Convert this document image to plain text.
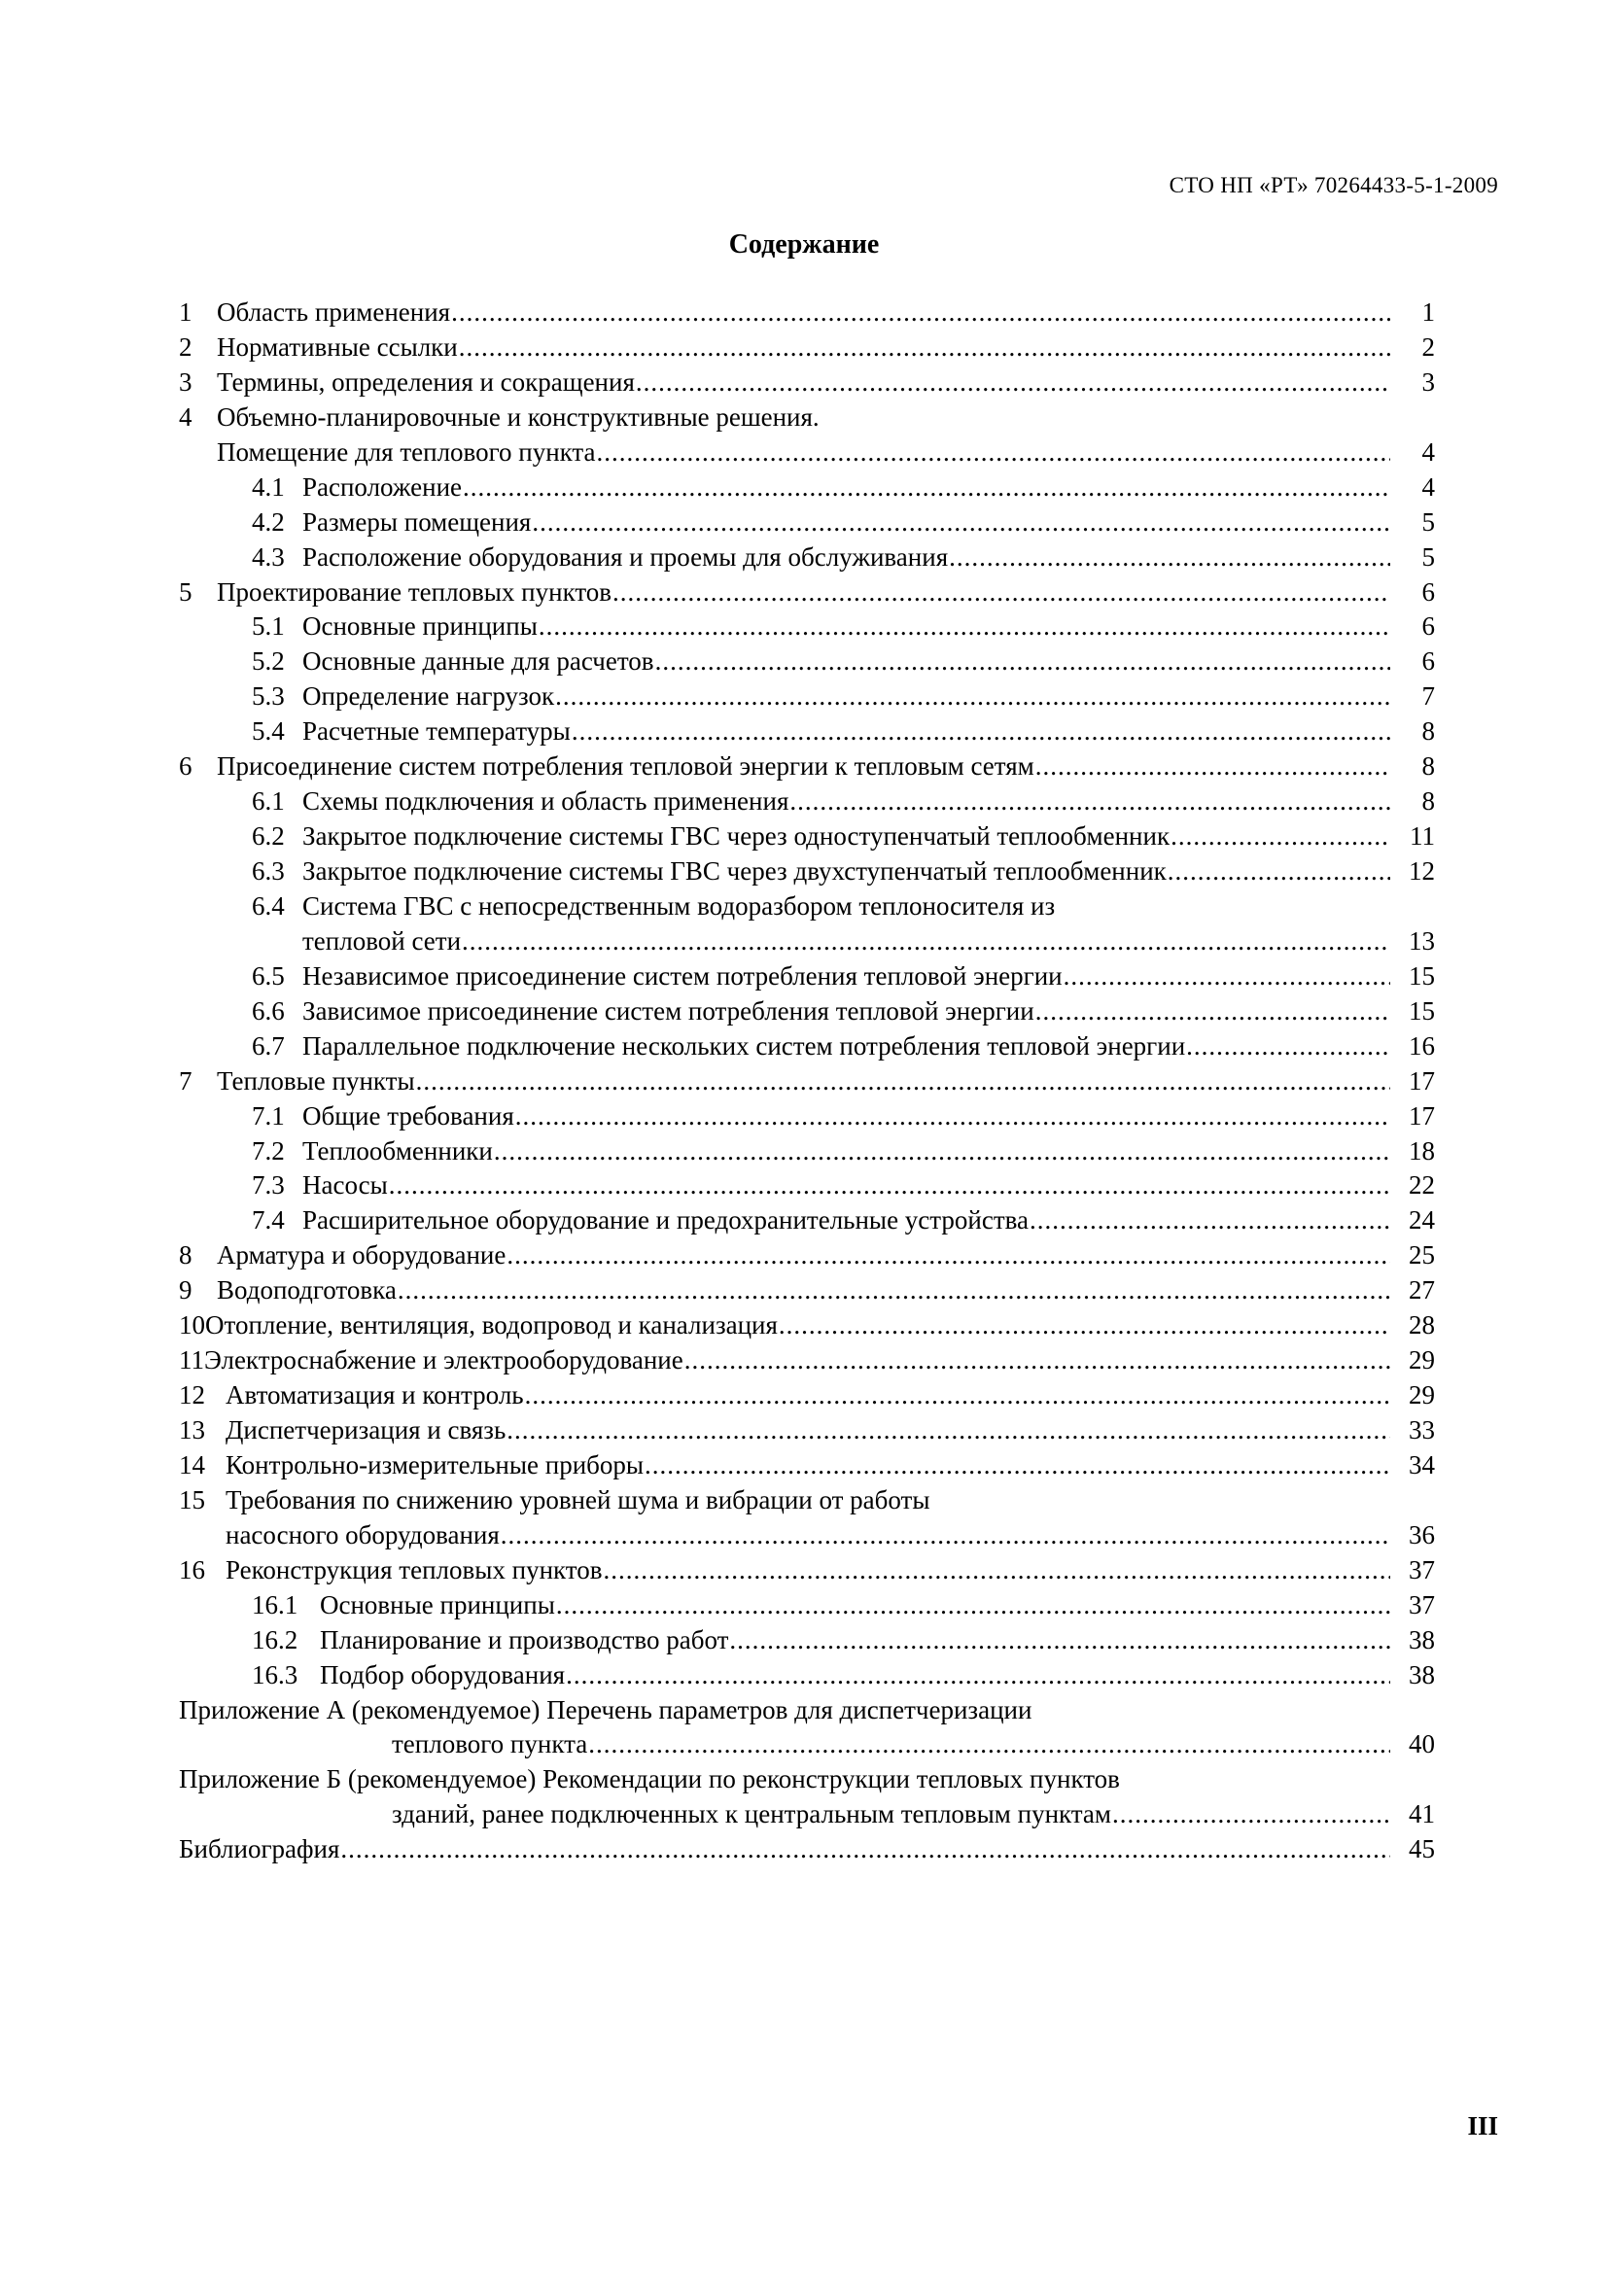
СТО НП «РТ» 70264433-5-1-2009
Содержание
1 Область применения .....	1
2 Нормативные ссылки .....	2
3 Термины, определения и сокращения .....	3
4 Объемно-планировочные и конструктивные решения.
Помещение для теплового пункта .....	4
4.1 Расположение .....	4
4.2 Размеры помещения .....	5
4.3 Расположение оборудования и проемы для обслуживания .....	5
5 Проектирование тепловых пунктов .....	6
5.1 Основные принципы .....	6
5.2 Основные данные для расчетов .....	6
5.3 Определение нагрузок .....	7
5.4 Расчетные температуры .....	8
6 Присоединение систем потребления тепловой энергии к тепловым сетям .....	8
6.1 Схемы подключения и область применения .....	8
6.2 Закрытое подключение системы ГВС через одноступенчатый теплообменник .....	11
6.3 Закрытое подключение системы ГВС через двухступенчатый теплообменник .....	12
6.4 Система ГВС с непосредственным водоразбором теплоносителя из
тепловой сети .....	13
6.5 Независимое присоединение систем потребления тепловой энергии .....	15
6.6 Зависимое присоединение систем потребления тепловой энергии .....	15
6.7 Параллельное подключение нескольких систем потребления тепловой энергии .....	16
7 Тепловые пункты .....	17
7.1 Общие требования .....	17
7.2 Теплообменники .....	18
7.3 Насосы .....	22
7.4 Расширительное оборудование и предохранительные устройства .....	24
8 Арматура и оборудование .....	25
9 Водоподготовка .....	27
10 Отопление, вентиляция, водопровод и канализация .....	28
11 Электроснабжение и электрооборудование .....	29
12 Автоматизация и контроль .....	29
13 Диспетчеризация и связь .....	33
14 Контрольно-измерительные приборы .....	34
15 Требования по снижению уровней шума и вибрации от работы
насосного оборудования .....	36
16 Реконструкция тепловых пунктов .....	37
16.1 Основные принципы .....	37
16.2 Планирование и производство работ .....	38
16.3 Подбор оборудования .....	38
Приложение А (рекомендуемое) Перечень параметров для диспетчеризации
теплового пункта .....	40
Приложение Б (рекомендуемое) Рекомендации по реконструкции тепловых пунктов
зданий, ранее подключенных к центральным тепловым пунктам .....	41
Библиография .....	45
III
